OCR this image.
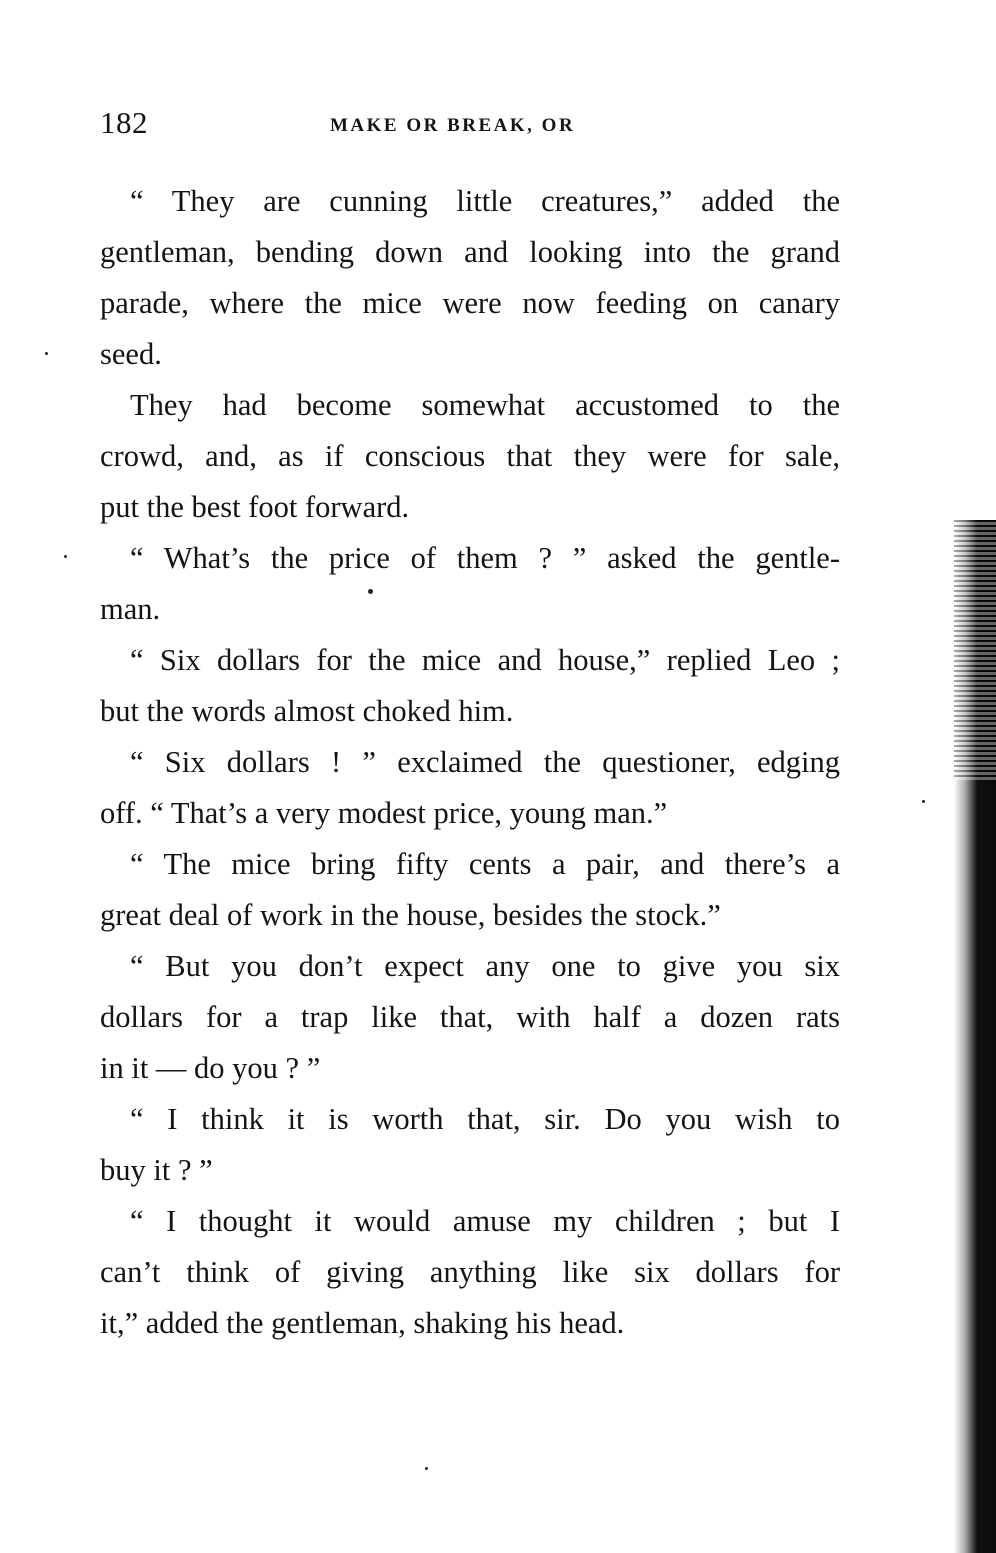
182	MAKE OR BREAK, OR
“ They are cunning little creatures,” added the
gentleman, bending down and looking into the grand
parade, where the mice were now feeding on canary
seed.
They had become somewhat accustomed to the
crowd, and, as if conscious that they were for sale,
put the best foot forward.
“ What’s the price of them ? ” asked the gentle-
man.
“ Six dollars for the mice and house,” replied Leo ;
but the words almost choked him.
“ Six dollars ! ” exclaimed the questioner, edging
off. “ That’s a very modest price, young man.”
“ The mice bring fifty cents a pair, and there’s a
great deal of work in the house, besides the stock.”
“ But you don’t expect any one to give you six
dollars for a trap like that, with half a dozen rats
in it — do you ? ”
“ I think it is worth that, sir. Do you wish to
buy it ? ”
“ I thought it would amuse my children ; but I
can’t think of giving anything like six dollars for
it,” added the gentleman, shaking his head.
